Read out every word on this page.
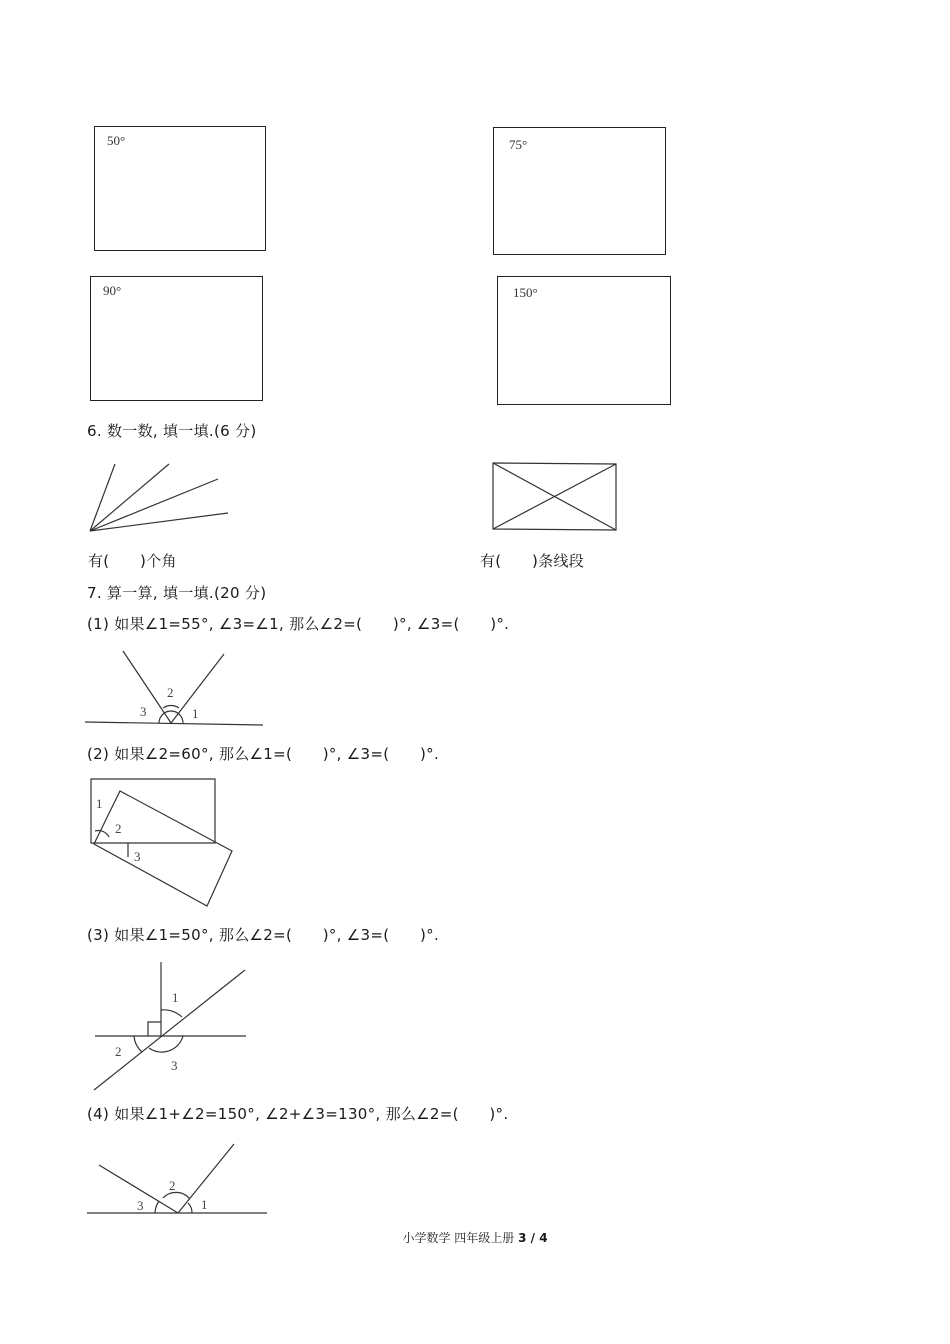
50°	75°
90°	150°
6. 数一数, 填一填.(6 分)
有(　　)个角	有(　　)条线段
7. 算一算, 填一填.(20 分)
(1) 如果∠1=55°, ∠3=∠1, 那么∠2=(　　)°, ∠3=(　　)°.
2
3	1
(2) 如果∠2=60°, 那么∠1=(　　)°, ∠3=(　　)°.
1
2
3
(3) 如果∠1=50°, 那么∠2=(　　)°, ∠3=(　　)°.
1
2
3
(4) 如果∠1+∠2=150°, ∠2+∠3=130°, 那么∠2=(　　)°.
2
3	1
小学数学 四年级上册 3 / 4
